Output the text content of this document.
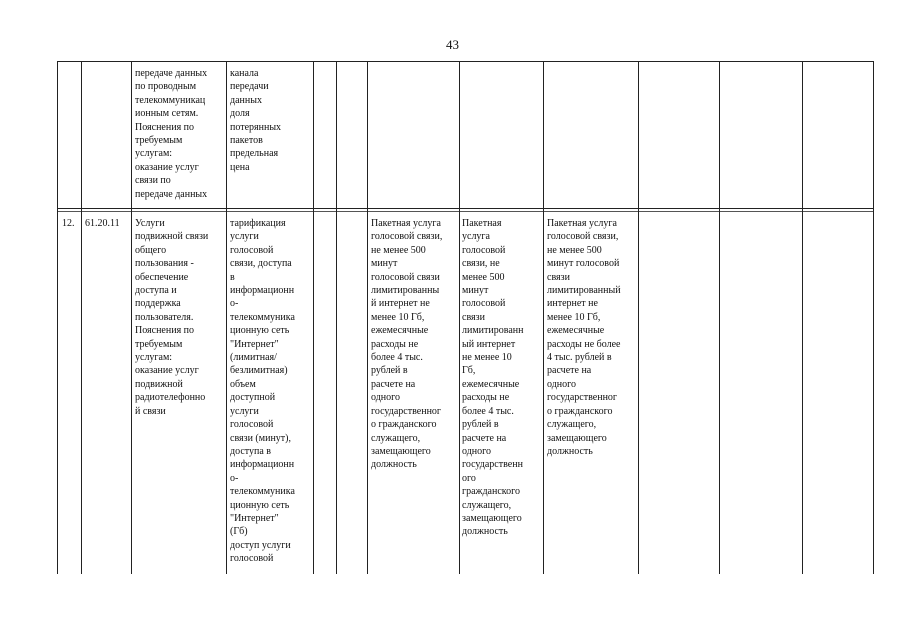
43
передаче данных
по проводным
телекоммуникац
ионным сетям.
Пояснения по
требуемым
услугам:
оказание услуг
связи по
передаче данных
канала
передачи
данных
доля
потерянных
пакетов
предельная
цена
12.	61.20.11	Услуги
подвижной связи
общего
пользования -
обеспечение
доступа и
поддержка
пользователя.
Пояснения по
требуемым
услугам:
оказание услуг
подвижной
радиотелефонно
й связи
тарификация
услуги
голосовой
связи, доступа
в
информационн
о-
телекоммуника
ционную сеть
"Интернет"
(лимитная/
безлимитная)
объем
доступной
услуги
голосовой
связи (минут),
доступа в
информационн
о-
телекоммуника
ционную сеть
"Интернет"
(Гб)
доступ услуги
голосовой
Пакетная услуга
голосовой связи,
не менее 500
минут
голосовой связи
лимитированны
й интернет не
менее 10 Гб,
ежемесячные
расходы не
более 4 тыс.
рублей в
расчете на
одного
государственног
о гражданского
служащего,
замещающего
должность
Пакетная
услуга
голосовой
связи, не
менее 500
минут
голосовой
связи
лимитированн
ый интернет
не менее 10
Гб,
ежемесячные
расходы не
более 4 тыс.
рублей в
расчете на
одного
государственн
ого
гражданского
служащего,
замещающего
должность
Пакетная услуга
голосовой связи,
не менее 500
минут голосовой
связи
лимитированный
интернет не
менее 10 Гб,
ежемесячные
расходы не более
4 тыс. рублей в
расчете на
одного
государственног
о гражданского
служащего,
замещающего
должность
